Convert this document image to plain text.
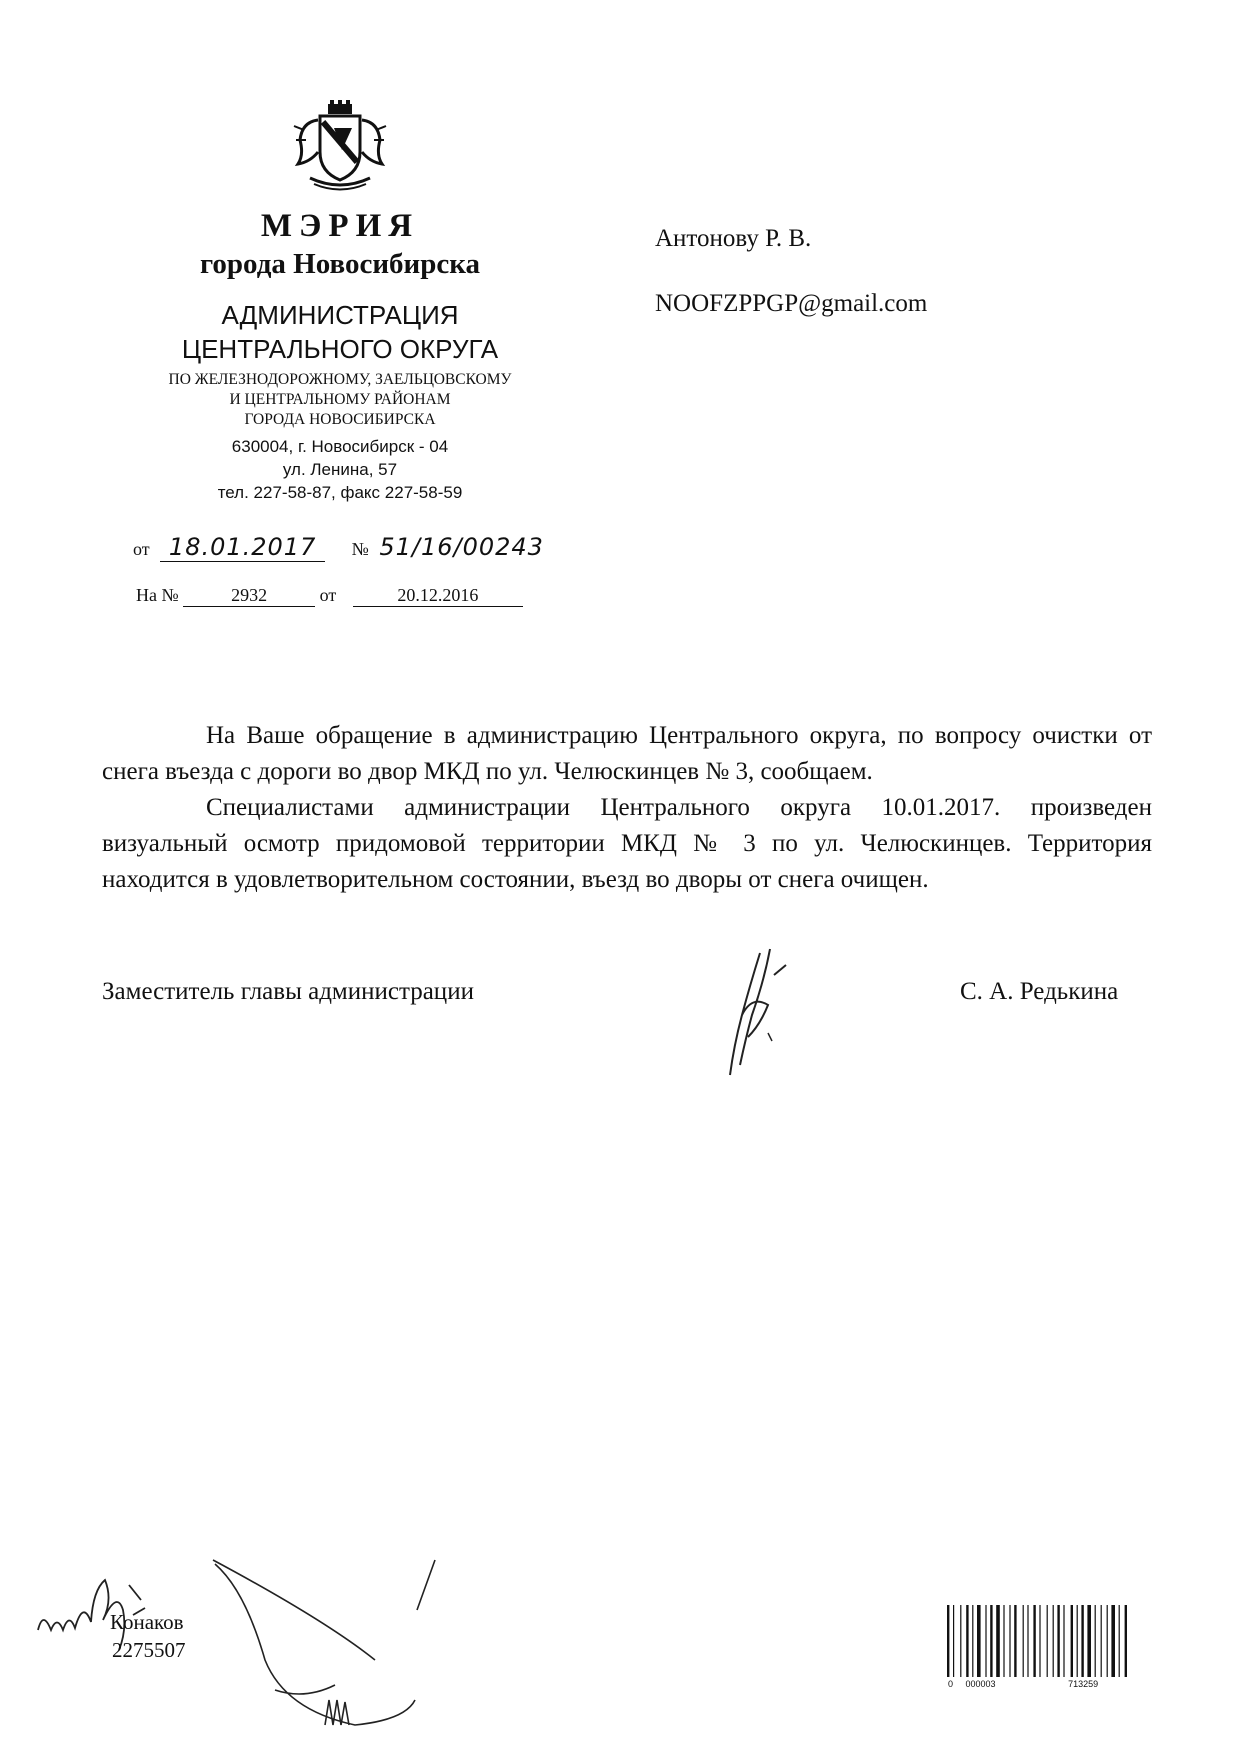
МЭРИЯ
города Новосибирска
АДМИНИСТРАЦИЯ
ЦЕНТРАЛЬНОГО ОКРУГА
ПО ЖЕЛЕЗНОДОРОЖНОМУ, ЗАЕЛЬЦОВСКОМУ
И ЦЕНТРАЛЬНОМУ РАЙОНАМ
ГОРОДА НОВОСИБИРСКА
630004, г. Новосибирск - 04
ул. Ленина, 57
тел. 227-58-87, факс 227-58-59
от 18.01.2017 № 51/16/00243
На №	2932	от	20.12.2016
Антонову Р. В.
NOOFZPPGP@gmail.com

На Ваше обращение в администрацию Центрального округа, по вопросу очистки от снега въезда с дороги во двор МКД по ул. Челюскинцев № 3, сообщаем.

Специалистами администрации Центрального округа 10.01.2017. произведен визуальный осмотр придомовой территории МКД № 3 по ул. Челюскинцев. Территория находится в удовлетворительном состоянии, въезд во дворы от снега очищен.

Заместитель главы администрации	С. А. Редькина
Конаков
2275507
0 000003	713259
